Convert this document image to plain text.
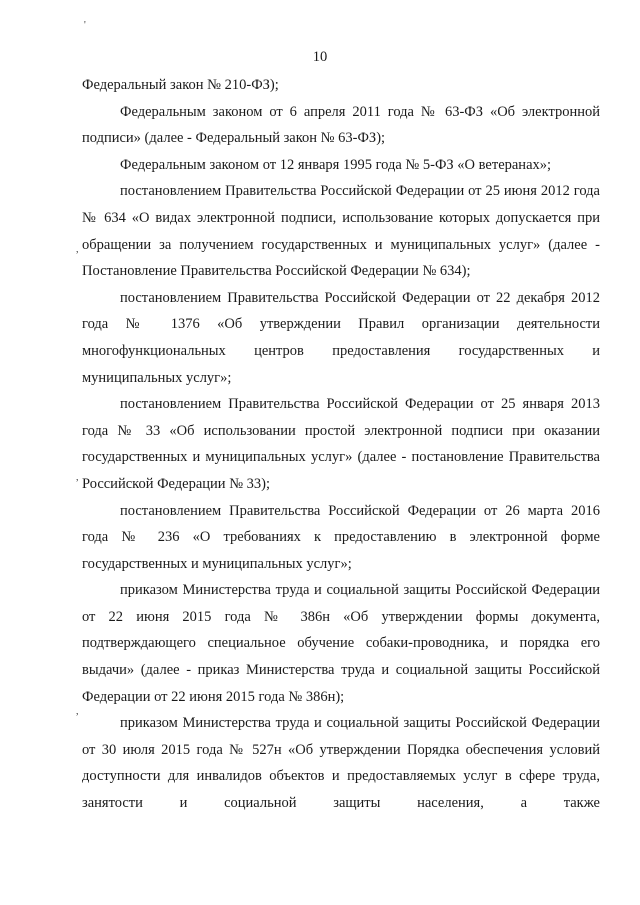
'
,
,
,
10

Федеральный закон № 210-ФЗ);

Федеральным законом от 6 апреля 2011 года № 63-ФЗ «Об электронной подписи» (далее - Федеральный закон № 63-ФЗ);

Федеральным законом от 12 января 1995 года № 5-ФЗ «О ветеранах»;

постановлением Правительства Российской Федерации от 25 июня 2012 года № 634 «О видах электронной подписи, использование которых допускается при обращении за получением государственных и муниципальных услуг» (далее - Постановление Правительства Российской Федерации № 634);

постановлением Правительства Российской Федерации от 22 декабря 2012 года № 1376 «Об утверждении Правил организации деятельности многофункциональных центров предоставления государственных и муниципальных услуг»;

постановлением Правительства Российской Федерации от 25 января 2013 года № 33 «Об использовании простой электронной подписи при оказании государственных и муниципальных услуг» (далее - постановление Правительства Российской Федерации № 33);

постановлением Правительства Российской Федерации от 26 марта 2016 года № 236 «О требованиях к предоставлению в электронной форме государственных и муниципальных услуг»;

приказом Министерства труда и социальной защиты Российской Федерации от 22 июня 2015 года № 386н «Об утверждении формы документа, подтверждающего специальное обучение собаки-проводника, и порядка его выдачи» (далее - приказ Министерства труда и социальной защиты Российской Федерации от 22 июня 2015 года № 386н);

приказом Министерства труда и социальной защиты Российской Федерации от 30 июля 2015 года № 527н «Об утверждении Порядка обеспечения условий доступности для инвалидов объектов и предоставляемых услуг в сфере труда, занятости и социальной защиты населения, а также
